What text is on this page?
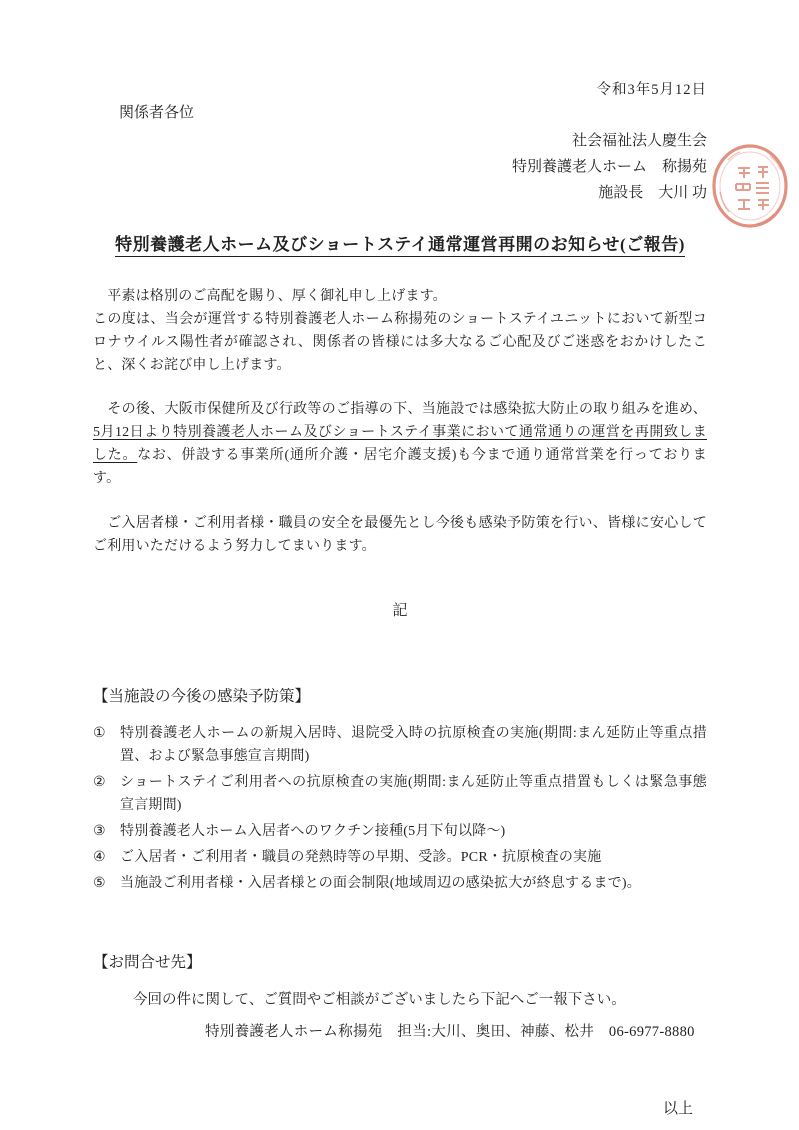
令和3年5月12日
関係者各位
社会福祉法人慶生会
特別養護老人ホーム　称揚苑
施設長　大川 功
特別養護老人ホーム及びショートステイ通常運営再開のお知らせ(ご報告)
　平素は格別のご高配を賜り、厚く御礼申し上げます。
この度は、当会が運営する特別養護老人ホーム称揚苑のショートステイユニットにおいて新型コロナウイルス陽性者が確認され、関係者の皆様には多大なるご心配及びご迷惑をおかけしたこと、深くお詫び申し上げます。
　その後、大阪市保健所及び行政等のご指導の下、当施設では感染拡大防止の取り組みを進め、5月12日より特別養護老人ホーム及びショートステイ事業において通常通りの運営を再開致しました。なお、併設する事業所(通所介護・居宅介護支援)も今まで通り通常営業を行っております。
　ご入居者様・ご利用者様・職員の安全を最優先とし今後も感染予防策を行い、皆様に安心してご利用いただけるよう努力してまいります。
記
【当施設の今後の感染予防策】
①	特別養護老人ホームの新規入居時、退院受入時の抗原検査の実施(期間:まん延防止等重点措置、および緊急事態宣言期間)
②	ショートステイご利用者への抗原検査の実施(期間:まん延防止等重点措置もしくは緊急事態宣言期間)
③	特別養護老人ホーム入居者へのワクチン接種(5月下旬以降〜)
④	ご入居者・ご利用者・職員の発熱時等の早期、受診。PCR・抗原検査の実施
⑤	当施設ご利用者様・入居者様との面会制限(地域周辺の感染拡大が終息するまで)。
【お問合せ先】
今回の件に関して、ご質問やご相談がございましたら下記へご一報下さい。
特別養護老人ホーム称揚苑　担当:大川、奥田、神藤、松井　06-6977-8880
以上
